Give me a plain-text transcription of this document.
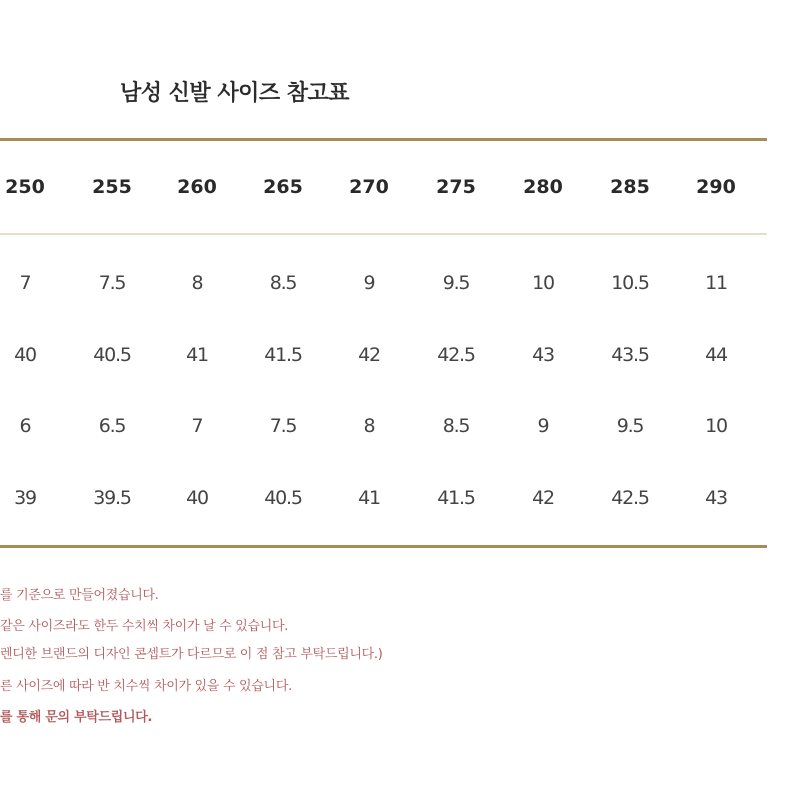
남성 신발 사이즈 참고표
250	255	260	265	270	275	280	285	290
7	7.5	8	8.5	9	9.5	10	10.5	11
40	40.5	41	41.5	42	42.5	43	43.5	44
6	6.5	7	7.5	8	8.5	9	9.5	10
39	39.5	40	40.5	41	41.5	42	42.5	43
를 기준으로 만들어졌습니다.
같은 사이즈라도 한두 수치씩 차이가 날 수 있습니다.
렌디한 브랜드의 디자인 콘셉트가 다르므로 이 점 참고 부탁드립니다.)
른 사이즈에 따라 반 치수씩 차이가 있을 수 있습니다.
를 통해 문의 부탁드립니다.
